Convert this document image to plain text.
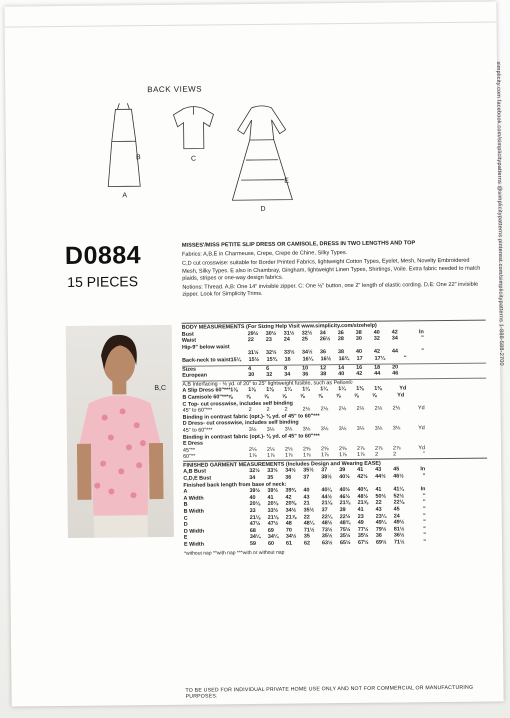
BACK VIEWS
B
A
C
E
D
D0884
15 PIECES

MISSES'/MISS PETITE SLIP DRESS OR CAMISOLE, DRESS IN TWO LENGTHS AND TOP

Fabrics: A,B,E in Charmeuse, Crepe, Crepe de Chine, Silky Types.

C,D cut crosswise: suitable for Border Printed Fabrics, lightweight Cotton Types, Eyelet, Mesh, Novelty Embroidered Mesh, Silky Types. E also in Chambray, Gingham, lightweight Linen Types, Shirtings, Voile. Extra fabric needed to match plaids, stripes or one-way design fabrics.

Notions: Thread. A,B: One 14" invisible zipper. C: One ½" button, one 2" length of elastic cording. D,E: One 22" invisible zipper. Look for Simplicity Trims.

B,C
BODY MEASUREMENTS (For Sizing Help Visit www.simplicity.com/sizehelp)
Bust	29½	30½	31½	32½	34	36	38	40	42	In
Waist	22	23	24	25	26½	28	30	32	34	"
Hip-9" below waist
31½	32½	33½	34½	36	38	40	42	44	"
Back-neck to waist 15¼	15½	15¾	16	16¼	16½	16¾	17	17¼	"
Sizes	4	6	8	10	12	14	16	18	20
European	30	32	34	36	38	40	42	44	46
A,B Interfacing - ⅛ yd. of 20" to 25" lightweight fusible, such as Pellon®
A Slip Dress 60"*** 1⅛	1⅛	1⅛	1¼	1¼	1¼	1¼	1⅜	1⅜	Yd
B Camisole 60"*** ⅝	⅝	⅝	⅝	⅝	⅝	⅝	⅝	⅝	Yd
C Top- cut crosswise, includes self binding
45" to 60"***	2	2	2	2⅛	2⅛	2⅛	2⅛	2⅛	2⅛	Yd
Binding in contrast fabric (opt.)- ⅜ yd. of 45" to 60"***
D Dress- cut crosswise, includes self binding
45" to 60"***	3⅛	3⅛	3⅛	3⅛	3⅛	3⅛	3⅛	3⅛	3⅛	Yd
Binding in contrast fabric (opt.)- ⅜ yd. of 45" to 60"***
E Dress
45"**	2⅛	2⅛	2⅛	2⅝	2⅝	2⅝	2⅞	2⅞	2⅞	Yd
60"**	1⅞	1⅞	1⅞	1⅞	1⅞	1⅞	1⅞	2	2	"
FINISHED GARMENT MEASUREMENTS (Includes Design and Wearing EASE)
A,B Bust	32½	33½	34½	35½	37	39	41	43	45	In
C,D,E Bust	34	35	36	37	38½	40½	42½	44½	46½	"
Finished back length from base of neck:
A	39½	39½	39¾	40	40¼	40½	40¾	41	41¼	In
A Width	40	41	42	43	44½	46½	48½	50½	52½	"
B	20⅛	20⅛	20⅜	21	21⅛	21⅜	21⅝	22	22⅛	"
B Width	33	33½	34½	35½	37	39	41	43	45	"
C	21⅛	21⅛	21⅞	22	22¼	22½	23	23¼	24	"
D	47½	47½	48	48¼	48½	48¾	49	49¼	49½	"
D Width	68	69	70	71½	73½	75½	77½	79½	81½	"
E	34¼	34¼	34½	35	35½	35½	35½	36	36½	"
E Width	59	60	61	62	63½	65½	67½	69½	71½	"
*without nap **with nap ***with or without nap
TO BE USED FOR INDIVIDUAL PRIVATE HOME USE ONLY AND NOT FOR COMMERCIAL OR MANUFACTURING PURPOSES.
simplicity.com facebook.com/simplicitypatterns @simplicitypatterns pinterest.com/simplicitypatterns 1-888-588-2700
